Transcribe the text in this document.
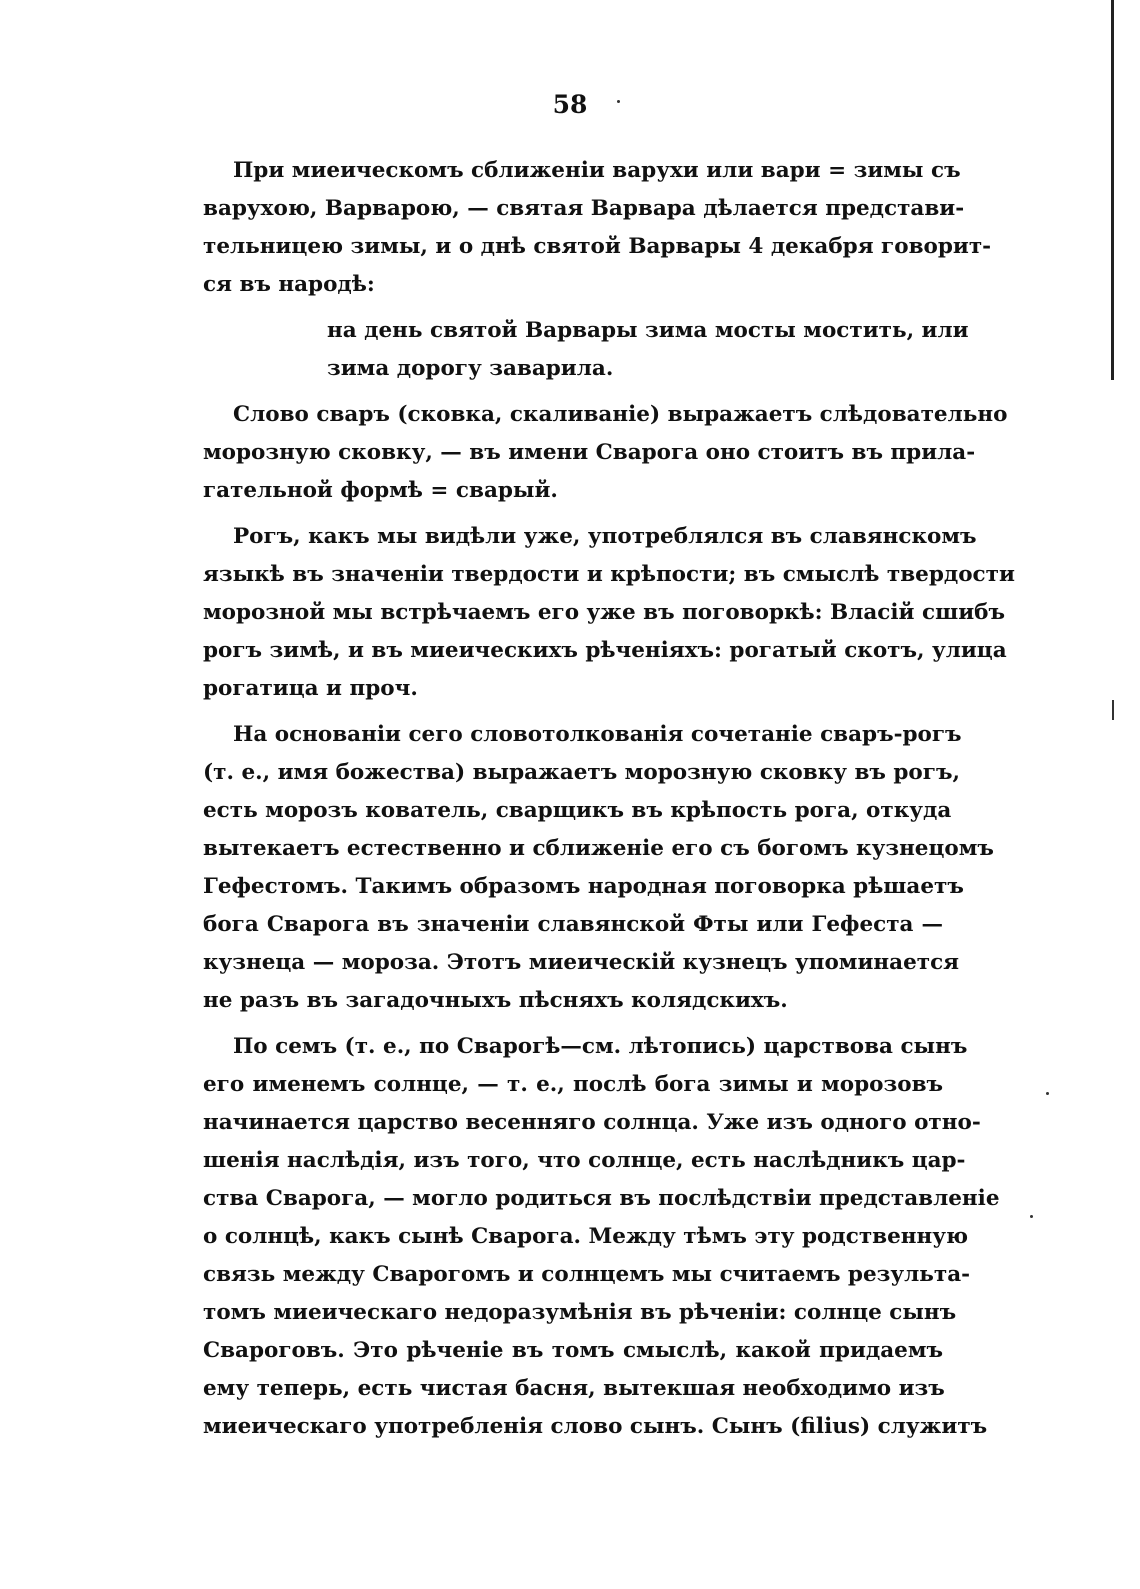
58
При миеическомъ сближеніи варухи или вари = зимы съ
варухою, Варварою, — святая Варвара дѣлается представи-
тельницею зимы, и о днѣ святой Варвары 4 декабря говорит-
ся въ народѣ:
на день святой Варвары зима мосты мостить, или
зима дорогу заварила.
Слово сваръ (сковка, скаливаніе) выражаетъ слѣдовательно
морозную сковку, — въ имени Сварога оно стоитъ въ прила-
гательной формѣ = сварый.
Рогъ, какъ мы видѣли уже, употреблялся въ славянскомъ
языкѣ въ значеніи твердости и крѣпости; въ смыслѣ твердости
морозной мы встрѣчаемъ его уже въ поговоркѣ: Власій сшибъ
рогъ зимѣ, и въ миеическихъ рѣченіяхъ: рогатый скотъ, улица
рогатица и проч.
На основаніи сего словотолкованія сочетаніе сваръ-рогъ
(т. е., имя божества) выражаетъ морозную сковку въ рогъ,
есть морозъ кователь, сварщикъ въ крѣпость рога, откуда
вытекаетъ естественно и сближеніе его съ богомъ кузнецомъ
Гефестомъ. Такимъ образомъ народная поговорка рѣшаетъ
бога Сварога въ значеніи славянской Фты или Гефеста —
кузнеца — мороза. Этотъ миеическій кузнецъ упоминается
не разъ въ загадочныхъ пѣсняхъ колядскихъ.
По семъ (т. е., по Сварогѣ—см. лѣтопись) царствова сынъ
его именемъ солнце, — т. е., послѣ бога зимы и морозовъ
начинается царство весенняго солнца. Уже изъ одного отно-
шенія наслѣдія, изъ того, что солнце, есть наслѣдникъ цар-
ства Сварога, — могло родиться въ послѣдствіи представленіе
о солнцѣ, какъ сынѣ Сварога. Между тѣмъ эту родственную
связь между Сварогомъ и солнцемъ мы считаемъ результа-
томъ миеическаго недоразумѣнія въ рѣченіи: солнце сынъ
Свароговъ. Это рѣченіе въ томъ смыслѣ, какой придаемъ
ему теперь, есть чистая басня, вытекшая необходимо изъ
миеическаго употребленія слово сынъ. Сынъ (filius) служитъ
